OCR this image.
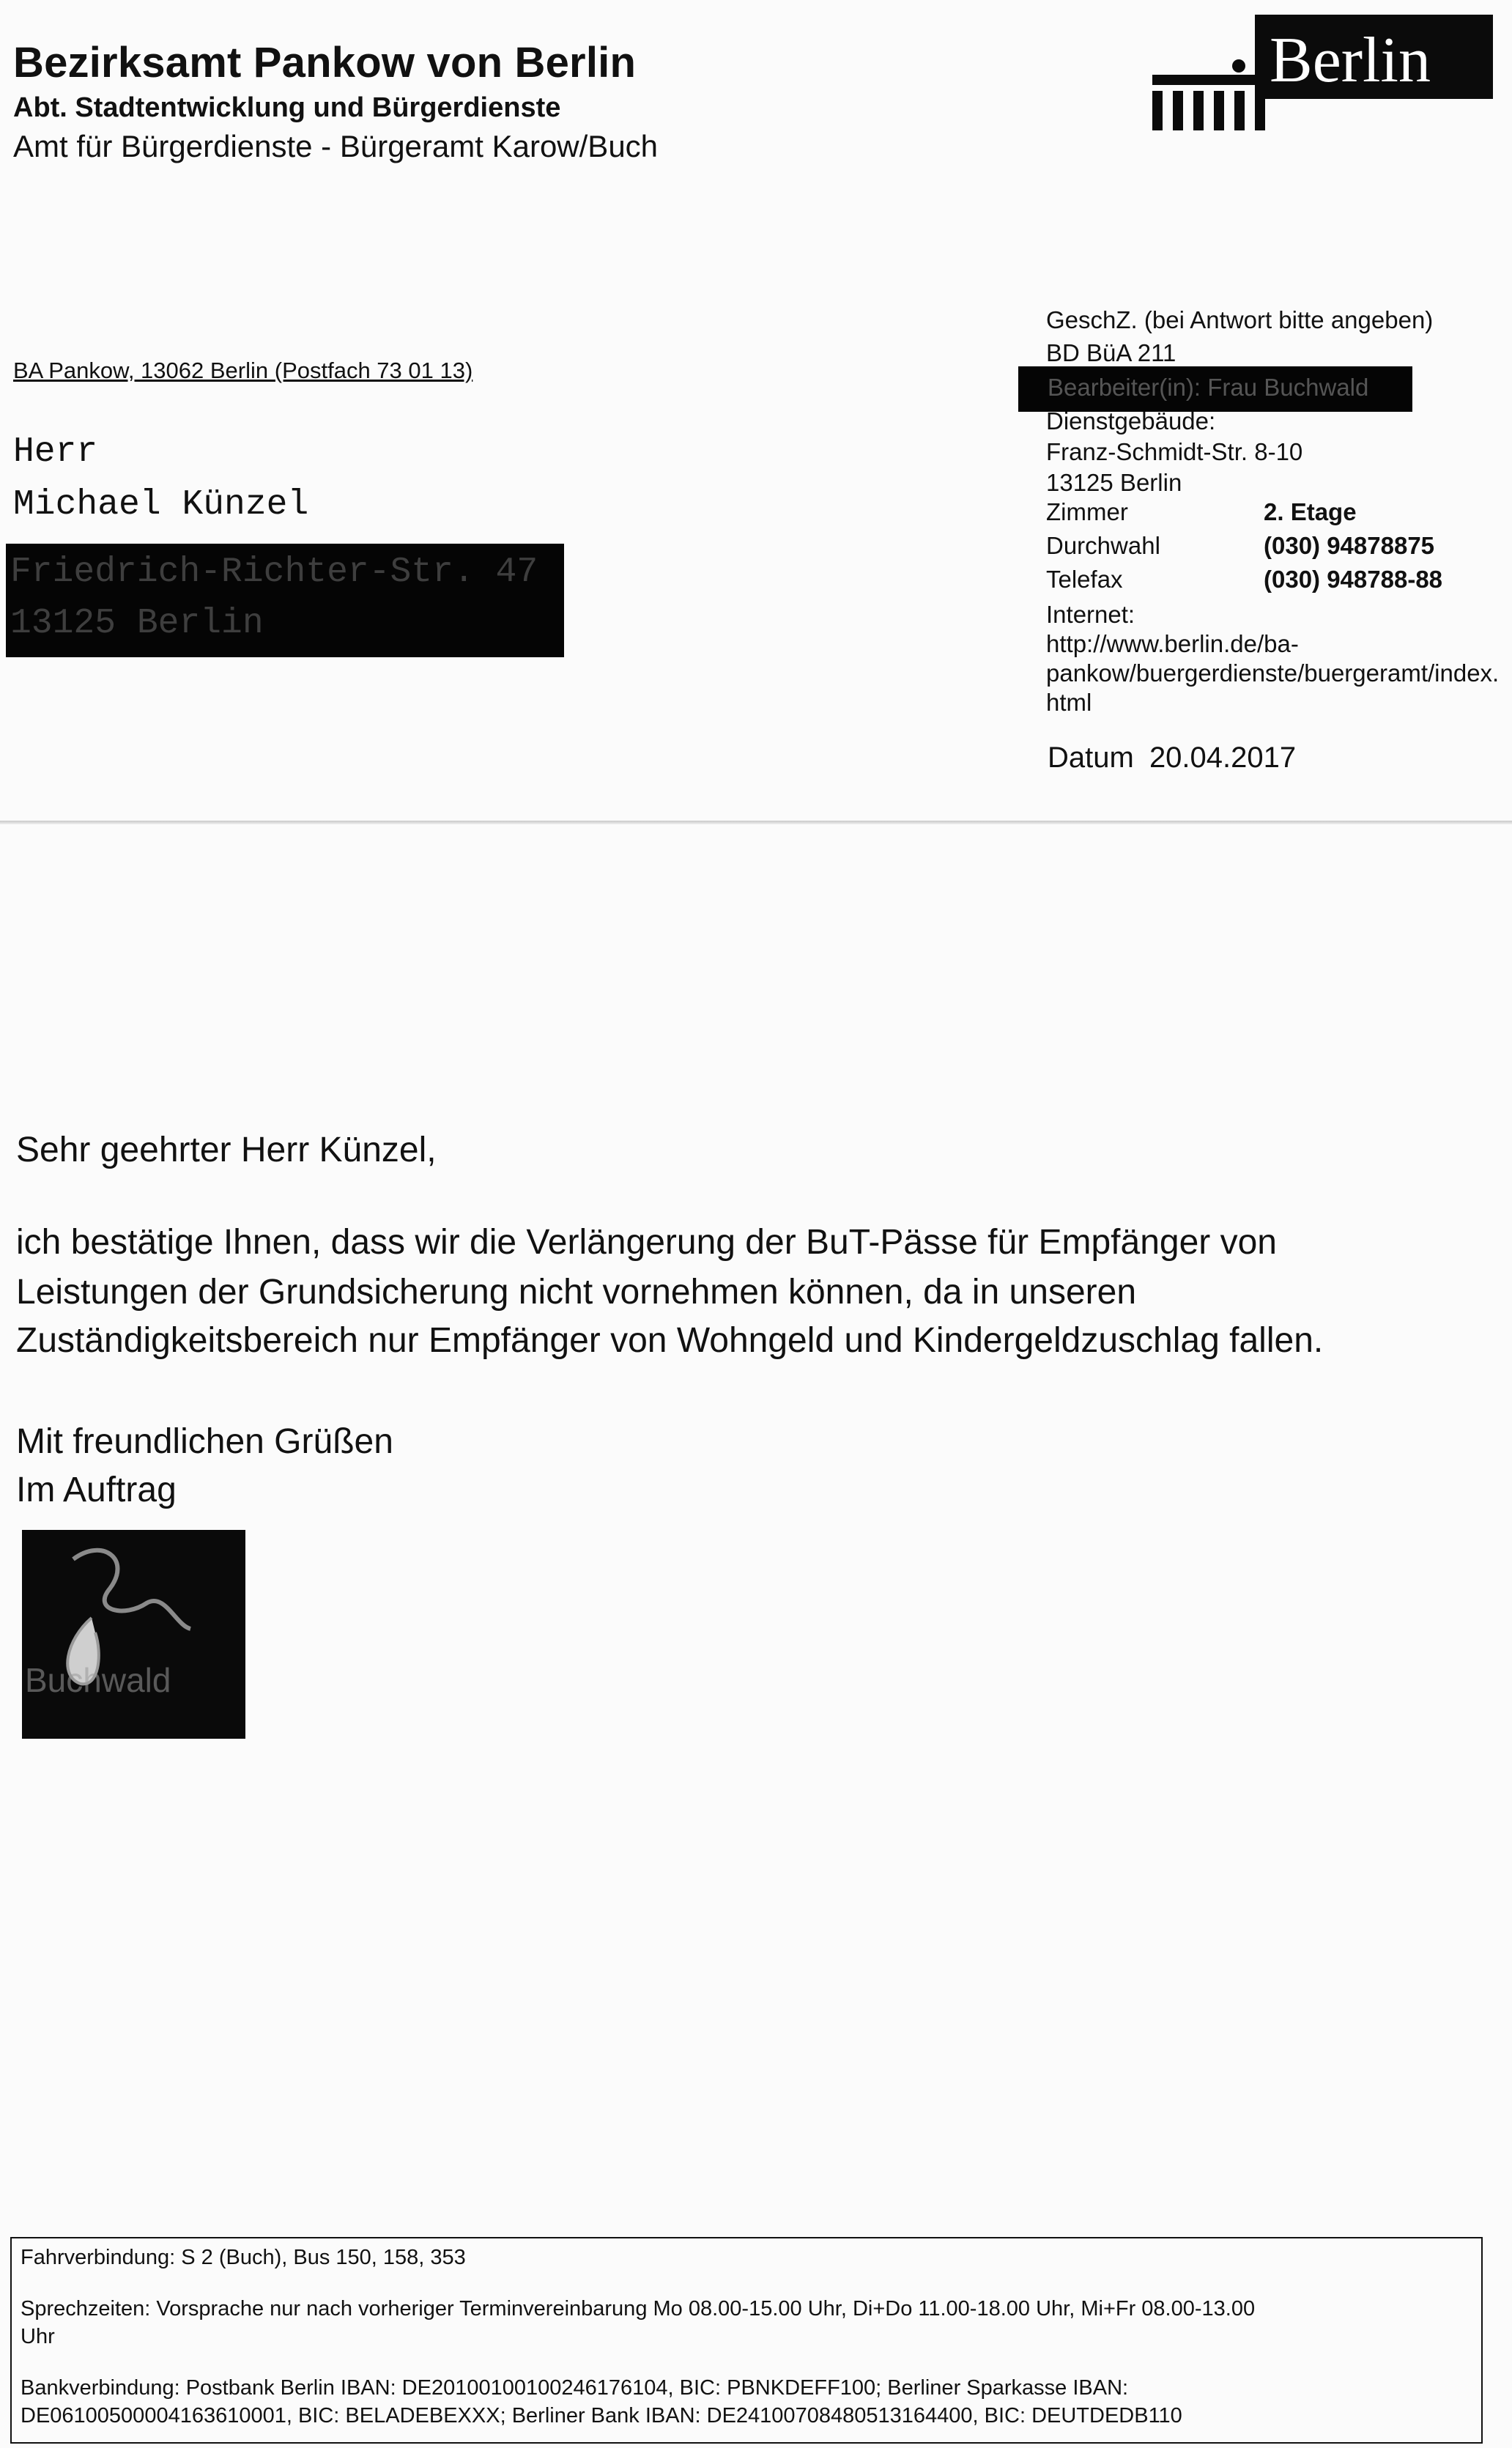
Bezirksamt Pankow von Berlin
Abt. Stadtentwicklung und Bürgerdienste
Amt für Bürgerdienste - Bürgeramt Karow/Buch
Berlin
BA Pankow, 13062 Berlin (Postfach 73 01 13)
Herr
Michael Künzel
Friedrich-Richter-Str. 47
13125 Berlin
GeschZ. (bei Antwort bitte angeben)
BD BüA 211
Bearbeiter(in): Frau Buchwald
Dienstgebäude:
Franz-Schmidt-Str. 8-10
13125 Berlin
Zimmer	2. Etage
Durchwahl	(030) 94878875
Telefax	(030) 948788-88
Internet:
http://www.berlin.de/ba-
pankow/buergerdienste/buergeramt/index.
html
Datum 20.04.2017
Sehr geehrter Herr Künzel,
ich bestätige Ihnen, dass wir die Verlängerung der BuT-Pässe für Empfänger von
Leistungen der Grundsicherung nicht vornehmen können, da in unseren
Zuständigkeitsbereich nur Empfänger von Wohngeld und Kindergeldzuschlag fallen.
Mit freundlichen Grüßen
Im Auftrag
Buchwald
Fahrverbindung: S 2 (Buch), Bus 150, 158, 353
Sprechzeiten: Vorsprache nur nach vorheriger Terminvereinbarung Mo 08.00-15.00 Uhr, Di+Do 11.00-18.00 Uhr, Mi+Fr 08.00-13.00
Uhr
Bankverbindung: Postbank Berlin IBAN: DE20100100100246176104, BIC: PBNKDEFF100; Berliner Sparkasse IBAN:
DE06100500004163610001, BIC: BELADEBEXXX; Berliner Bank IBAN: DE24100708480513164400, BIC: DEUTDEDB110
